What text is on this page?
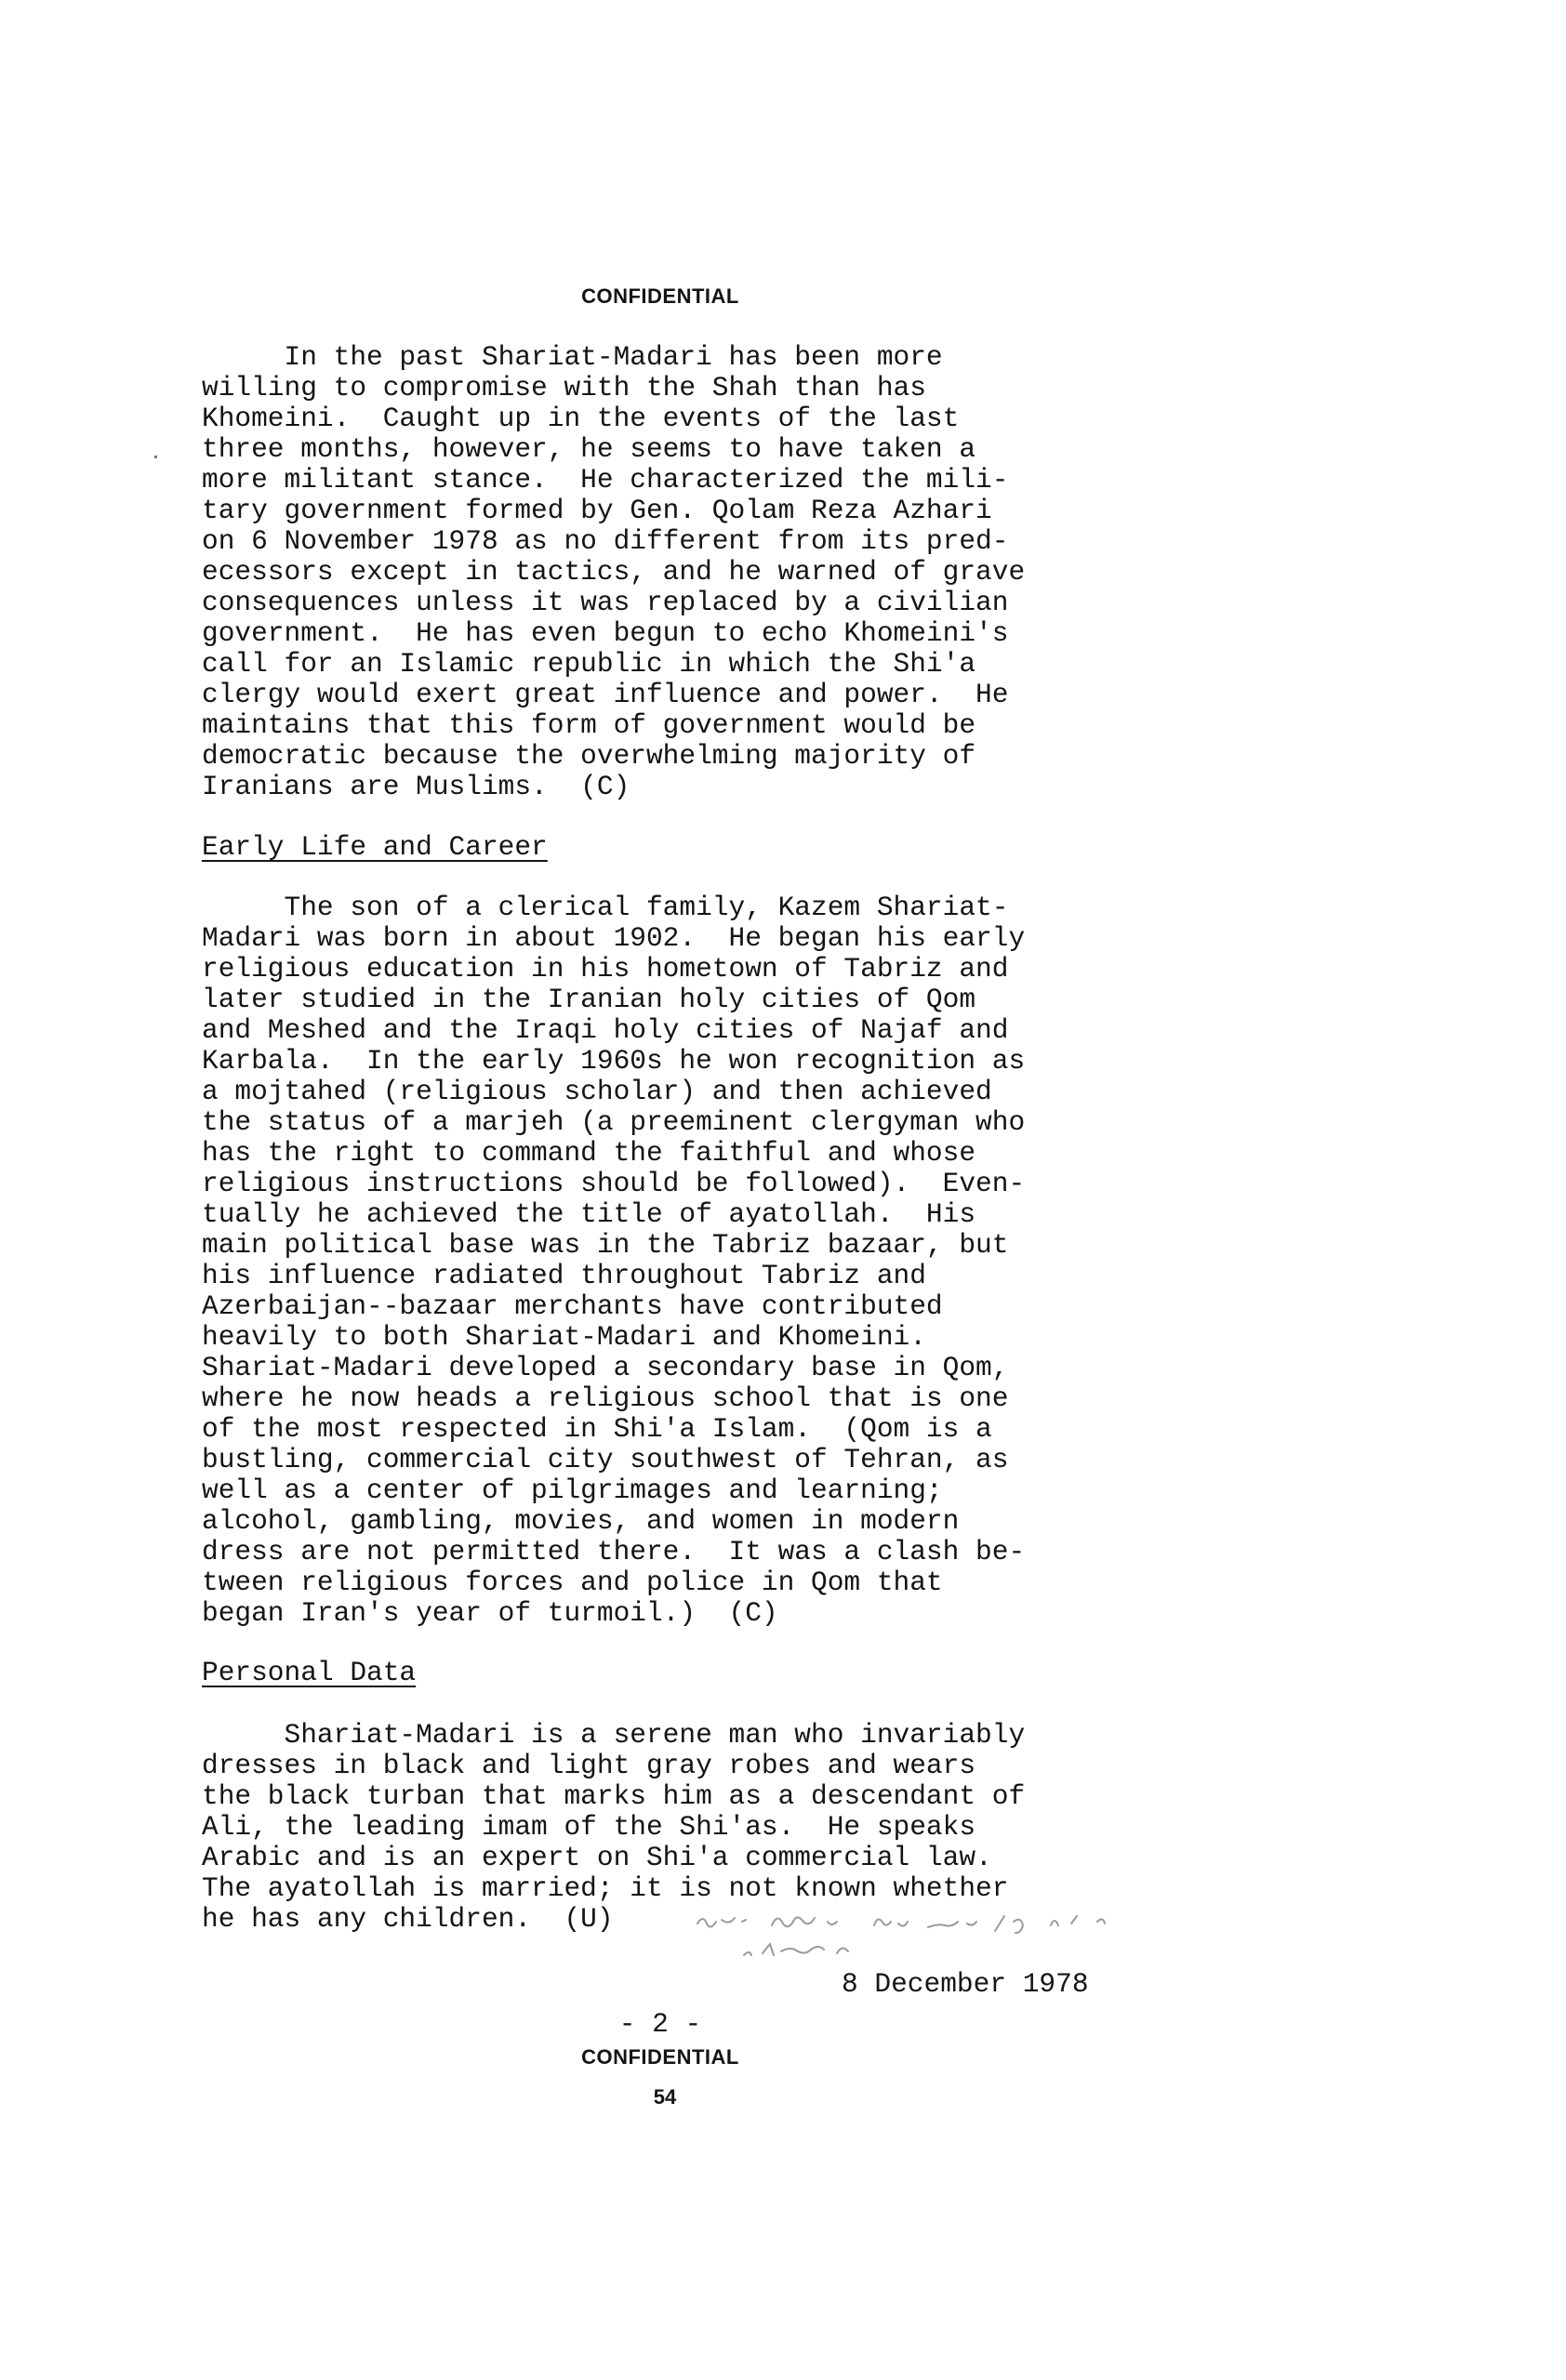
CONFIDENTIAL

In the past Shariat-Madari has been more
willing to compromise with the Shah than has
Khomeini.  Caught up in the events of the last
three months, however, he seems to have taken a
more militant stance.  He characterized the mili-
tary government formed by Gen. Qolam Reza Azhari
on 6 November 1978 as no different from its pred-
ecessors except in tactics, and he warned of grave
consequences unless it was replaced by a civilian
government.  He has even begun to echo Khomeini's
call for an Islamic republic in which the Shi'a
clergy would exert great influence and power.  He
maintains that this form of government would be
democratic because the overwhelming majority of
Iranians are Muslims.  (C)

Early Life and Career

The son of a clerical family, Kazem Shariat-
Madari was born in about 1902.  He began his early
religious education in his hometown of Tabriz and
later studied in the Iranian holy cities of Qom
and Meshed and the Iraqi holy cities of Najaf and
Karbala.  In the early 1960s he won recognition as
a mojtahed (religious scholar) and then achieved
the status of a marjeh (a preeminent clergyman who
has the right to command the faithful and whose
religious instructions should be followed).  Even-
tually he achieved the title of ayatollah.  His
main political base was in the Tabriz bazaar, but
his influence radiated throughout Tabriz and
Azerbaijan--bazaar merchants have contributed
heavily to both Shariat-Madari and Khomeini.
Shariat-Madari developed a secondary base in Qom,
where he now heads a religious school that is one
of the most respected in Shi'a Islam.  (Qom is a
bustling, commercial city southwest of Tehran, as
well as a center of pilgrimages and learning;
alcohol, gambling, movies, and women in modern
dress are not permitted there.  It was a clash be-
tween religious forces and police in Qom that
began Iran's year of turmoil.)  (C)

Personal Data

Shariat-Madari is a serene man who invariably
dresses in black and light gray robes and wears
the black turban that marks him as a descendant of
Ali, the leading imam of the Shi'as.  He speaks
Arabic and is an expert on Shi'a commercial law.
The ayatollah is married; it is not known whether
he has any children.  (U)

8 December 1978

- 2 -

CONFIDENTIAL

54
